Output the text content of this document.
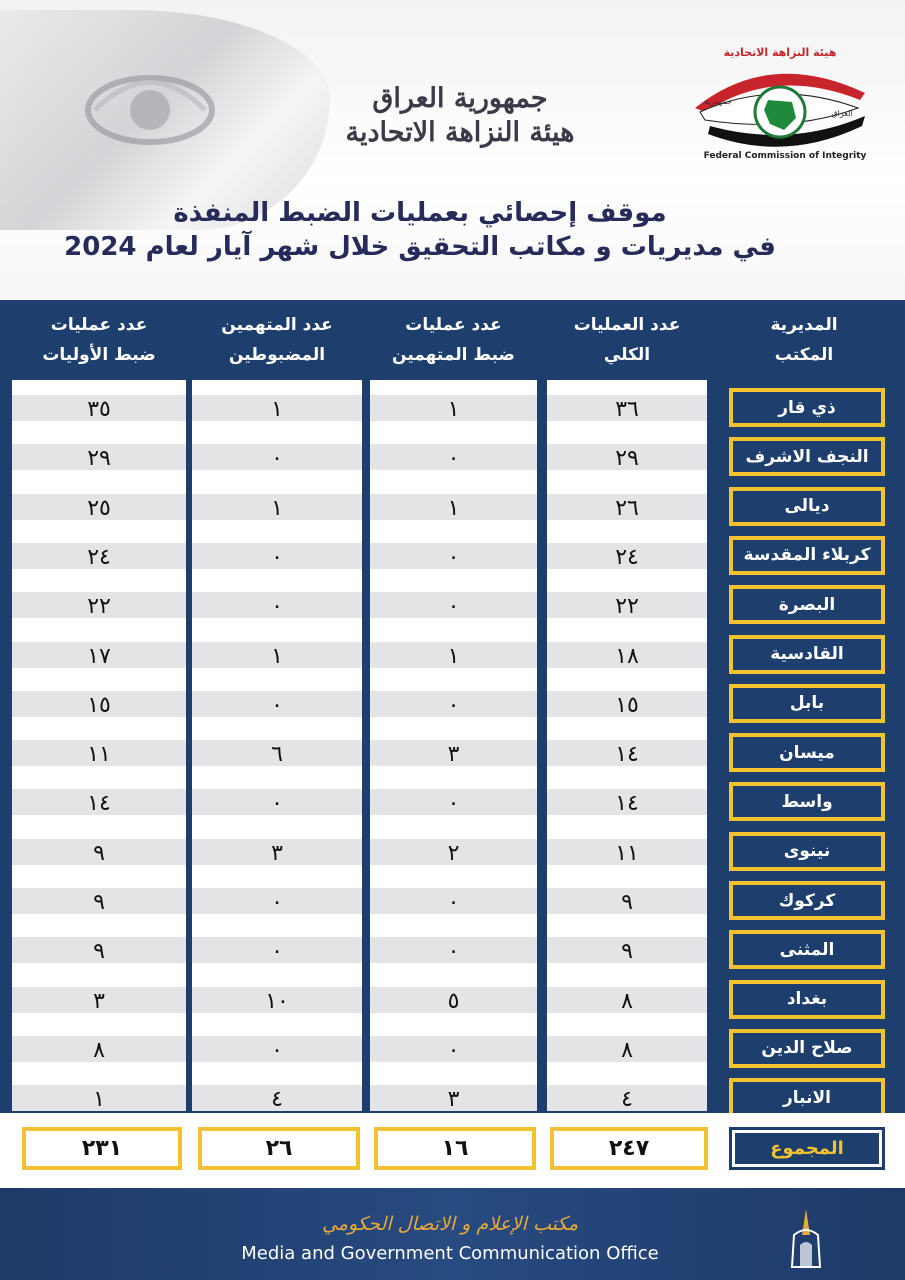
جمهورية العراق
هيئة النزاهة الاتحادية
هيئة النزاهة الاتحادية
جمهورية
العراق
Federal Commission of Integrity
موقف إحصائي بعمليات الضبط المنفذة
في مديريات و مكاتب التحقيق خلال شهر آيار لعام 2024
المديرية
المكتب
عدد العمليات
الكلي
عدد عمليات
ضبط المتهمين
عدد المتهمين
المضبوطين
عدد عمليات
ضبط الأوليات
ذي قار
٣٦
١
١
٣٥
النجف الاشرف
٢٩
٠
٠
٢٩
ديالى
٢٦
١
١
٢٥
كربلاء المقدسة
٢٤
٠
٠
٢٤
البصرة
٢٢
٠
٠
٢٢
القادسية
١٨
١
١
١٧
بابل
١٥
٠
٠
١٥
ميسان
١٤
٣
٦
١١
واسط
١٤
٠
٠
١٤
نينوى
١١
٢
٣
٩
كركوك
٩
٠
٠
٩
المثنى
٩
٠
٠
٩
بغداد
٨
٥
١٠
٣
صلاح الدين
٨
٠
٠
٨
الانبار
٤
٣
٤
١
المجموع
٢٤٧
١٦
٢٦
٢٣١
مكتب الإعلام و الاتصال الحكومي
Media and Government Communication Office
